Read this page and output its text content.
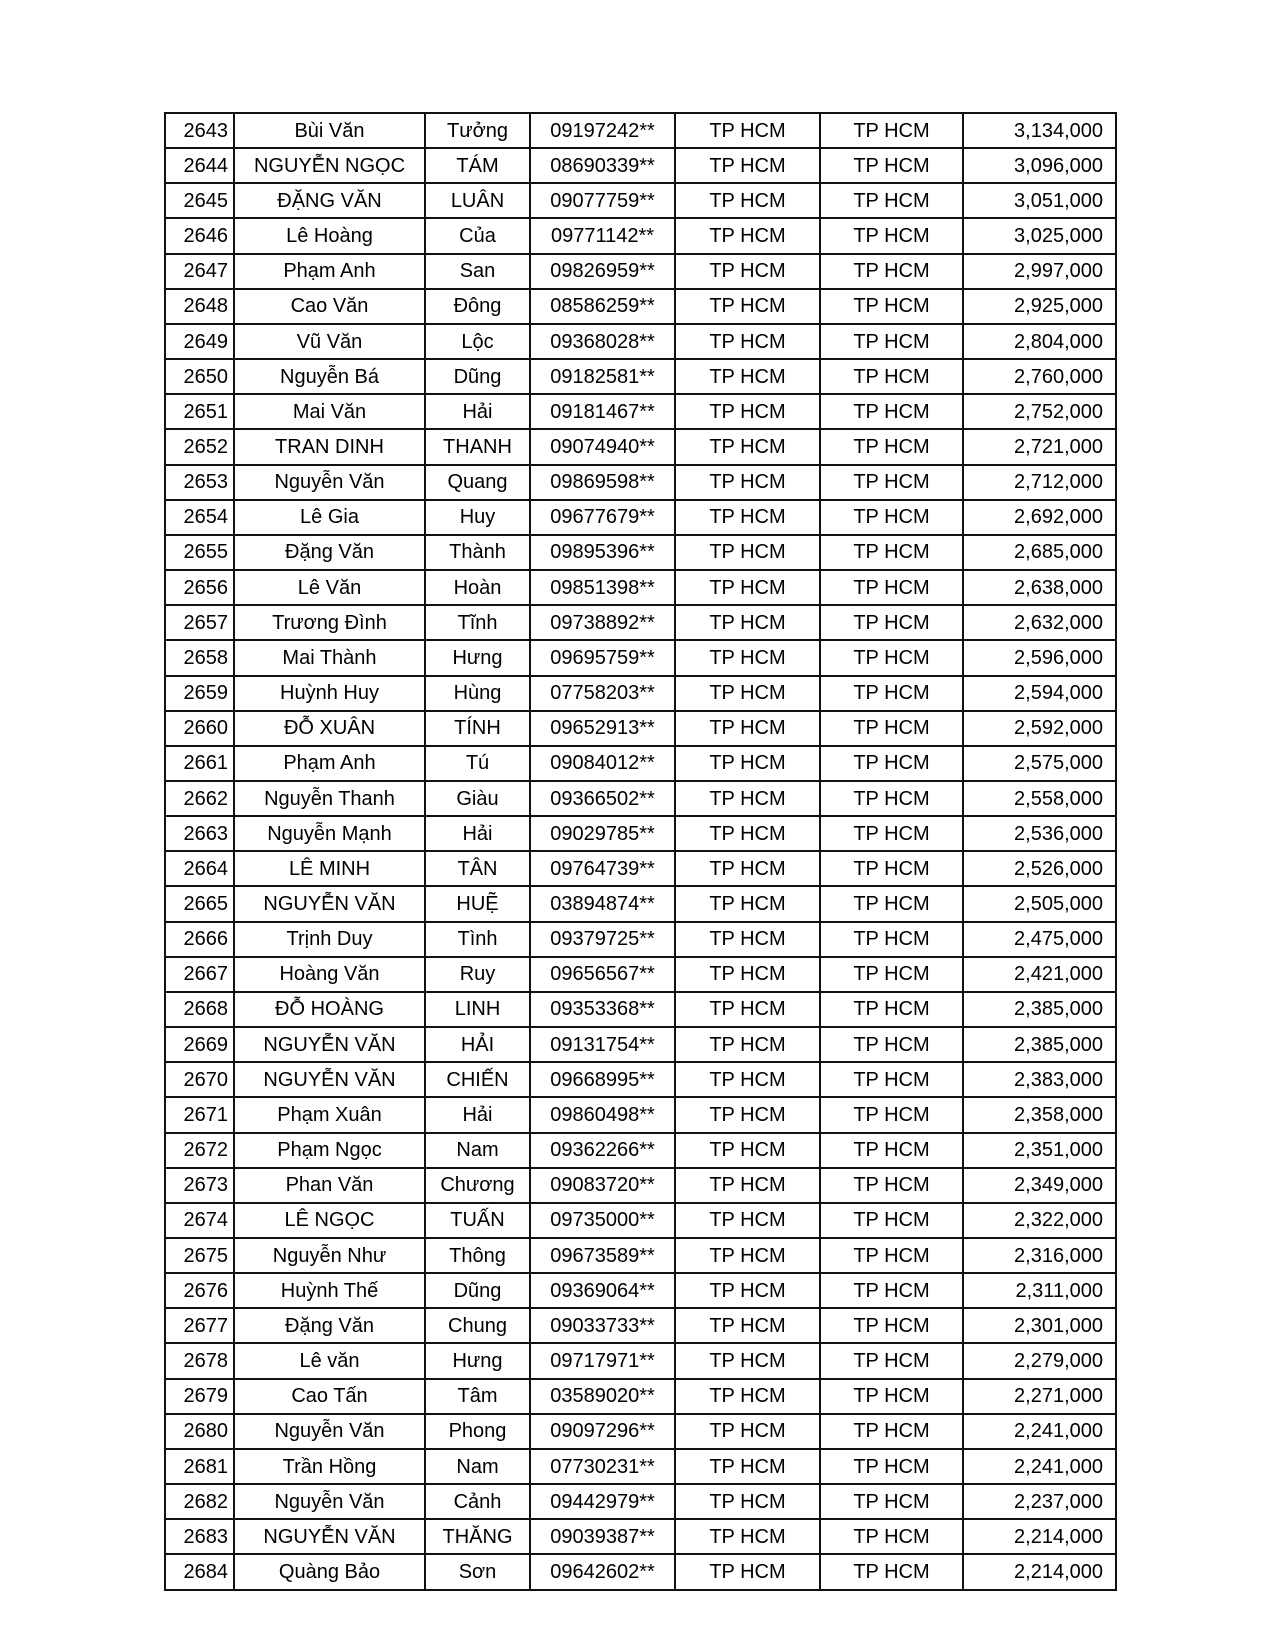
2643	Bùi Văn	Tưởng	09197242**	TP HCM	TP HCM	3,134,000
2644	NGUYỄN NGỌC	TÁM	08690339**	TP HCM	TP HCM	3,096,000
2645	ĐẶNG VĂN	LUÂN	09077759**	TP HCM	TP HCM	3,051,000
2646	Lê Hoàng	Của	09771142**	TP HCM	TP HCM	3,025,000
2647	Phạm Anh	San	09826959**	TP HCM	TP HCM	2,997,000
2648	Cao Văn	Đông	08586259**	TP HCM	TP HCM	2,925,000
2649	Vũ Văn	Lộc	09368028**	TP HCM	TP HCM	2,804,000
2650	Nguyễn Bá	Dũng	09182581**	TP HCM	TP HCM	2,760,000
2651	Mai Văn	Hải	09181467**	TP HCM	TP HCM	2,752,000
2652	TRAN DINH	THANH	09074940**	TP HCM	TP HCM	2,721,000
2653	Nguyễn Văn	Quang	09869598**	TP HCM	TP HCM	2,712,000
2654	Lê Gia	Huy	09677679**	TP HCM	TP HCM	2,692,000
2655	Đặng Văn	Thành	09895396**	TP HCM	TP HCM	2,685,000
2656	Lê Văn	Hoàn	09851398**	TP HCM	TP HCM	2,638,000
2657	Trương Đình	Tĩnh	09738892**	TP HCM	TP HCM	2,632,000
2658	Mai Thành	Hưng	09695759**	TP HCM	TP HCM	2,596,000
2659	Huỳnh Huy	Hùng	07758203**	TP HCM	TP HCM	2,594,000
2660	ĐỖ XUÂN	TÍNH	09652913**	TP HCM	TP HCM	2,592,000
2661	Phạm Anh	Tú	09084012**	TP HCM	TP HCM	2,575,000
2662	Nguyễn Thanh	Giàu	09366502**	TP HCM	TP HCM	2,558,000
2663	Nguyễn Mạnh	Hải	09029785**	TP HCM	TP HCM	2,536,000
2664	LÊ MINH	TÂN	09764739**	TP HCM	TP HCM	2,526,000
2665	NGUYỄN VĂN	HUẸ̃	03894874**	TP HCM	TP HCM	2,505,000
2666	Trịnh Duy	Tình	09379725**	TP HCM	TP HCM	2,475,000
2667	Hoàng Văn	Ruy	09656567**	TP HCM	TP HCM	2,421,000
2668	ĐỖ HOÀNG	LINH	09353368**	TP HCM	TP HCM	2,385,000
2669	NGUYỄN VĂN	HẢI	09131754**	TP HCM	TP HCM	2,385,000
2670	NGUYỄN VĂN	CHIẾN	09668995**	TP HCM	TP HCM	2,383,000
2671	Phạm Xuân	Hải	09860498**	TP HCM	TP HCM	2,358,000
2672	Phạm Ngọc	Nam	09362266**	TP HCM	TP HCM	2,351,000
2673	Phan Văn	Chương	09083720**	TP HCM	TP HCM	2,349,000
2674	LÊ NGỌC	TUẤN	09735000**	TP HCM	TP HCM	2,322,000
2675	Nguyễn Như	Thông	09673589**	TP HCM	TP HCM	2,316,000
2676	Huỳnh Thế	Dũng	09369064**	TP HCM	TP HCM	2,311,000
2677	Đặng Văn	Chung	09033733**	TP HCM	TP HCM	2,301,000
2678	Lê văn	Hưng	09717971**	TP HCM	TP HCM	2,279,000
2679	Cao Tấn	Tâm	03589020**	TP HCM	TP HCM	2,271,000
2680	Nguyễn Văn	Phong	09097296**	TP HCM	TP HCM	2,241,000
2681	Trần Hồng	Nam	07730231**	TP HCM	TP HCM	2,241,000
2682	Nguyễn Văn	Cảnh	09442979**	TP HCM	TP HCM	2,237,000
2683	NGUYỄN VĂN	THĂNG	09039387**	TP HCM	TP HCM	2,214,000
2684	Quàng Bảo	Sơn	09642602**	TP HCM	TP HCM	2,214,000
